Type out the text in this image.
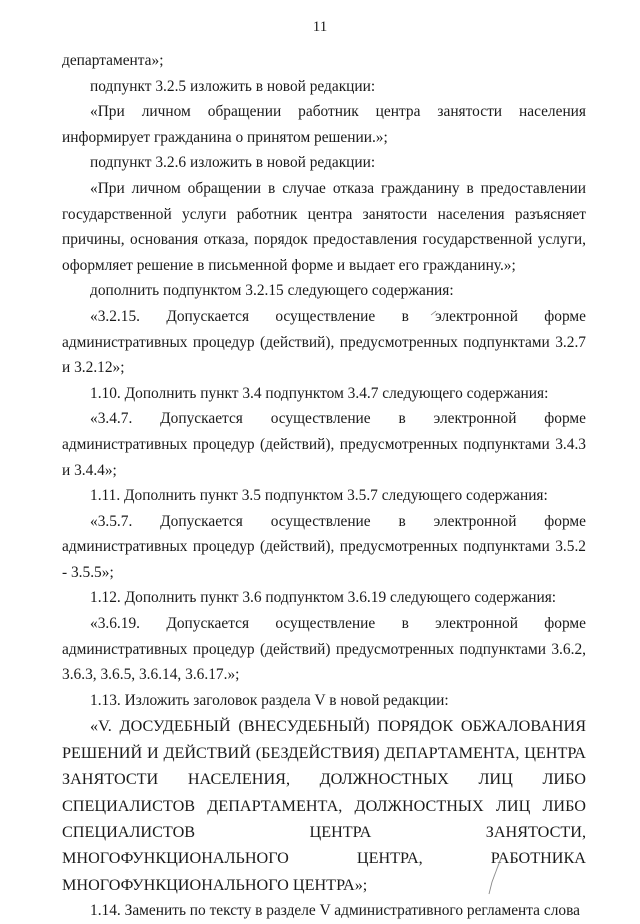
11

департамента»;

подпункт 3.2.5 изложить в новой редакции:

«При личном обращении работник центра занятости населения информирует гражданина о принятом решении.»;

подпункт 3.2.6 изложить в новой редакции:

«При личном обращении в случае отказа гражданину в предоставлении государственной услуги работник центра занятости населения разъясняет причины, основания отказа, порядок предоставления государственной услуги, оформляет решение в письменной форме и выдает его гражданину.»;

дополнить подпунктом 3.2.15 следующего содержания:

«3.2.15. Допускается осуществление в электронной форме административных процедур (действий), предусмотренных подпунктами 3.2.7 и 3.2.12»;

1.10. Дополнить пункт 3.4 подпунктом 3.4.7 следующего содержания:

«3.4.7. Допускается осуществление в электронной форме административных процедур (действий), предусмотренных подпунктами 3.4.3 и 3.4.4»;

1.11. Дополнить пункт 3.5 подпунктом 3.5.7 следующего содержания:

«3.5.7. Допускается осуществление в электронной форме административных процедур (действий), предусмотренных подпунктами 3.5.2 - 3.5.5»;

1.12. Дополнить пункт 3.6 подпунктом 3.6.19 следующего содержания:

«3.6.19. Допускается осуществление в электронной форме административных процедур (действий) предусмотренных подпунктами 3.6.2, 3.6.3, 3.6.5, 3.6.14, 3.6.17.»;

1.13. Изложить заголовок раздела V в новой редакции:

«V. ДОСУДЕБНЫЙ (ВНЕСУДЕБНЫЙ) ПОРЯДОК ОБЖАЛОВАНИЯ РЕШЕНИЙ И ДЕЙСТВИЙ (БЕЗДЕЙСТВИЯ) ДЕПАРТАМЕНТА, ЦЕНТРА ЗАНЯТОСТИ НАСЕЛЕНИЯ, ДОЛЖНОСТНЫХ ЛИЦ ЛИБО СПЕЦИАЛИСТОВ ДЕПАРТАМЕНТА, ДОЛЖНОСТНЫХ ЛИЦ ЛИБО СПЕЦИАЛИСТОВ ЦЕНТРА ЗАНЯТОСТИ, МНОГОФУНКЦИОНАЛЬНОГО ЦЕНТРА, РАБОТНИКА МНОГОФУНКЦИОНАЛЬНОГО ЦЕНТРА»;

1.14. Заменить по тексту в разделе V административного регламента слова
